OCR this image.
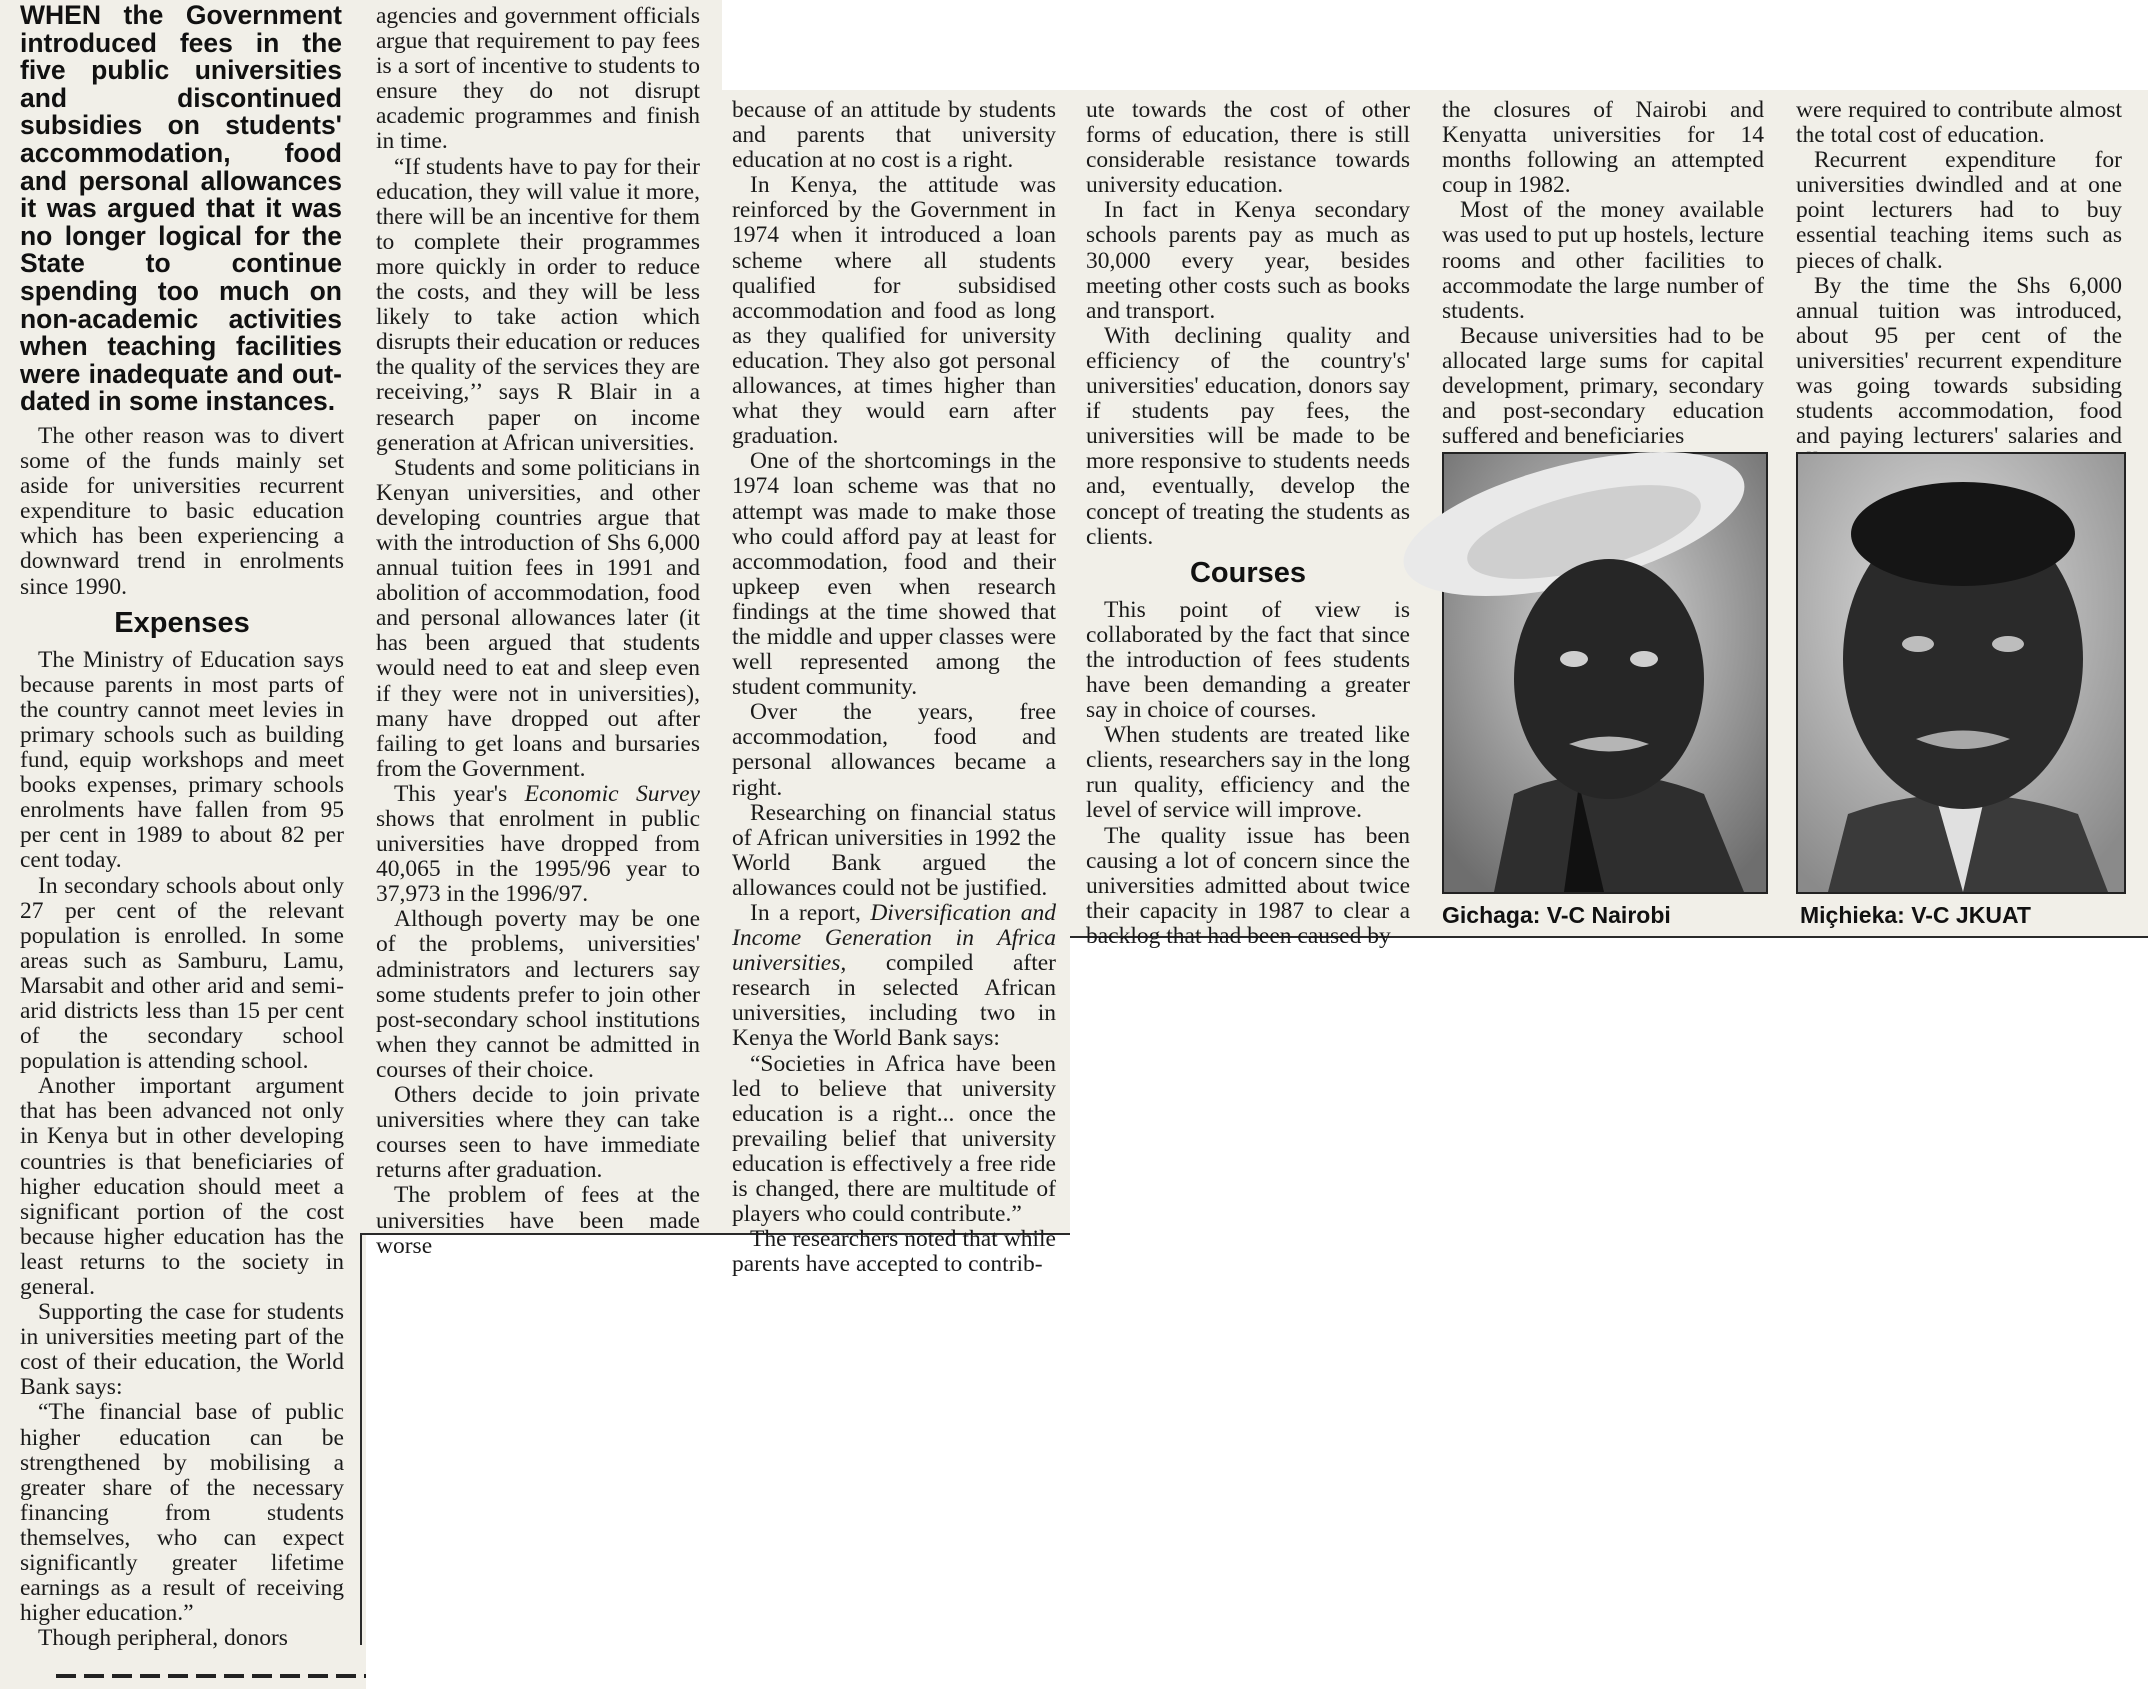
WHEN the Government introduced fees in the five public universities and discontinued subsidies on students' accommodation, food and personal allowances it was argued that it was no longer logical for the State to continue spending too much on non-academic activities when teaching facilities were inadequate and out-dated in some instances.

The other reason was to divert some of the funds mainly set aside for universities recurrent expenditure to basic education which has been experiencing a downward trend in enrolments since 1990.

Expenses

The Ministry of Education says because parents in most parts of the country cannot meet levies in primary schools such as building fund, equip workshops and meet books expenses, primary schools enrolments have fallen from 95 per cent in 1989 to about 82 per cent today.

In secondary schools about only 27 per cent of the relevant population is enrolled. In some areas such as Samburu, Lamu, Marsabit and other arid and semi-arid districts less than 15 per cent of the secondary school population is attending school.

Another important argument that has been advanced not only in Kenya but in other developing countries is that beneficiaries of higher education should meet a significant portion of the cost because higher education has the least returns to the society in general.

Supporting the case for students in universities meeting part of the cost of their education, the World Bank says:

“The financial base of public higher education can be strengthened by mobilising a greater share of the necessary financing from students themselves, who can expect significantly greater lifetime earnings as a result of receiving higher education.”

Though peripheral, donors

agencies and government officials argue that requirement to pay fees is a sort of incentive to students to ensure they do not disrupt academic programmes and finish in time.

“If students have to pay for their education, they will value it more, there will be an incentive for them to complete their programmes more quickly in order to reduce the costs, and they will be less likely to take action which disrupts their education or reduces the quality of the services they are receiving,’’ says R Blair in a research paper on income generation at African universities.

Students and some politicians in Kenyan universities, and other developing countries argue that with the introduction of Shs 6,000 annual tuition fees in 1991 and abolition of accommodation, food and personal allowances later (it has been argued that students would need to eat and sleep even if they were not in universities), many have dropped out after failing to get loans and bursaries from the Government.

This year's Economic Survey shows that enrolment in public universities have dropped from 40,065 in the 1995/96 year to 37,973 in the 1996/97.

Although poverty may be one of the problems, universities' administrators and lecturers say some students prefer to join other post-secondary school institutions when they cannot be admitted in courses of their choice.

Others decide to join private universities where they can take courses seen to have immediate returns after graduation.

The problem of fees at the universities have been made worse

because of an attitude by students and parents that university education at no cost is a right.

In Kenya, the attitude was reinforced by the Government in 1974 when it introduced a loan scheme where all students qualified for subsidised accommodation and food as long as they qualified for university education. They also got personal allowances, at times higher than what they would earn after graduation.

One of the shortcomings in the 1974 loan scheme was that no attempt was made to make those who could afford pay at least for accommodation, food and their upkeep even when research findings at the time showed that the middle and upper classes were well represented among the student community.

Over the years, free accommodation, food and personal allowances became a right.

Researching on financial status of African universities in 1992 the World Bank argued the allowances could not be justified.

In a report, Diversification and Income Generation in Africa universities, compiled after research in selected African universities, including two in Kenya the World Bank says:

“Societies in Africa have been led to believe that university education is a right... once the prevailing belief that university education is effectively a free ride is changed, there are multitude of players who could contribute.”

The researchers noted that while parents have accepted to contrib-

ute towards the cost of other forms of education, there is still considerable resistance towards university education.

In fact in Kenya secondary schools parents pay as much as 30,000 every year, besides meeting other costs such as books and transport.

With declining quality and efficiency of the country's' universities' education, donors say if students pay fees, the universities will be made to be more responsive to students needs and, eventually, develop the concept of treating the students as clients.

Courses

This point of view is collaborated by the fact that since the introduction of fees students have been demanding a greater say in choice of courses.

When students are treated like clients, researchers say in the long run quality, efficiency and the level of service will improve.

The quality issue has been causing a lot of concern since the universities admitted about twice their capacity in 1987 to clear a backlog that had been caused by

the closures of Nairobi and Kenyatta universities for 14 months following an attempted coup in 1982.

Most of the money available was used to put up hostels, lecture rooms and other facilities to accommodate the large number of students.

Because universities had to be allocated large sums for capital development, primary, secondary and post-secondary education suffered and beneficiaries

were required to contribute almost the total cost of education.

Recurrent expenditure for universities dwindled and at one point lecturers had to buy essential teaching items such as pieces of chalk.

By the time the Shs 6,000 annual tuition was introduced, about 95 per cent of the universities' recurrent expenditure was going towards subsiding students accommodation, food and paying lecturers' salaries and

Gichaga: V-C Nairobi	Miçhieka: V-C JKUAT
